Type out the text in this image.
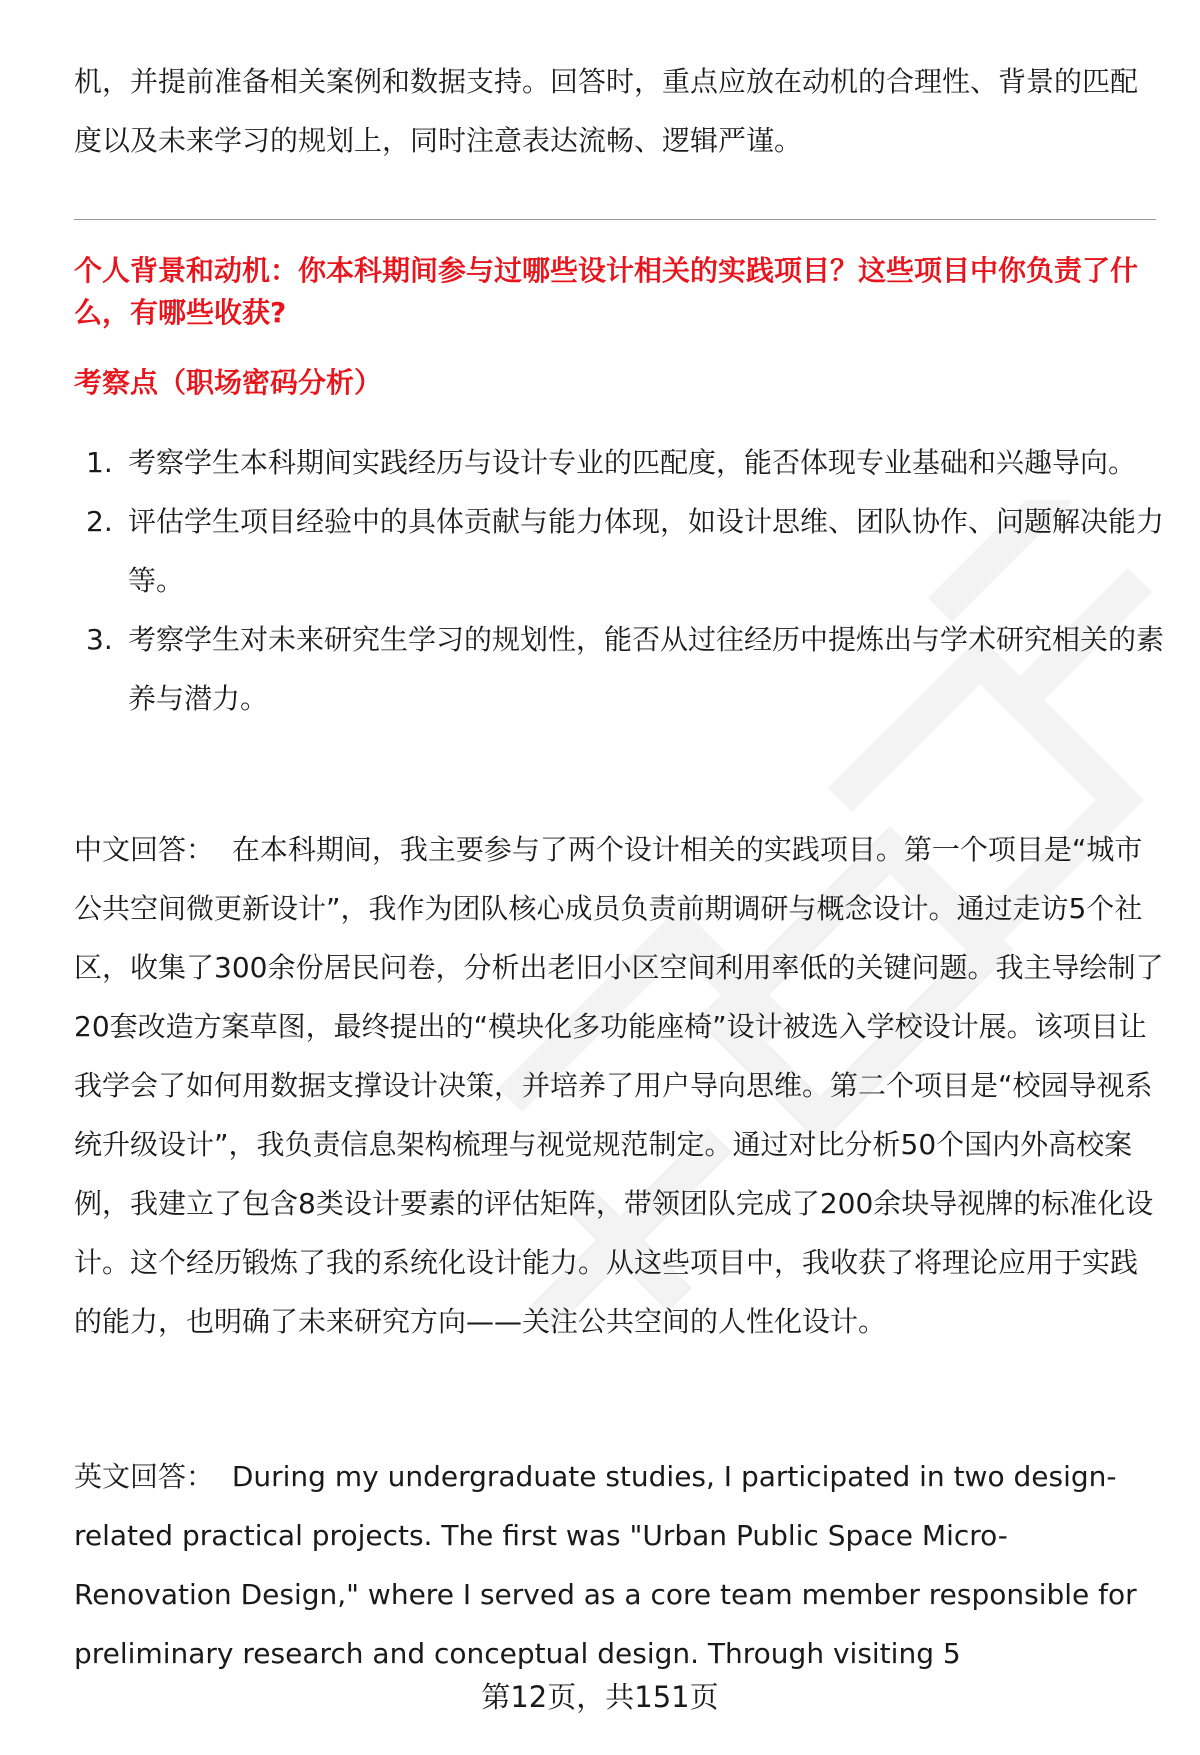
机，并提前准备相关案例和数据支持。回答时，重点应放在动机的合理性、背景的匹配度以及未来学习的规划上，同时注意表达流畅、逻辑严谨。

个人背景和动机：你本科期间参与过哪些设计相关的实践项目？这些项目中你负责了什么，有哪些收获?

考察点（职场密码分析）

1. 考察学生本科期间实践经历与设计专业的匹配度，能否体现专业基础和兴趣导向。
2. 评估学生项目经验中的具体贡献与能力体现，如设计思维、团队协作、问题解决能力等。
3. 考察学生对未来研究生学习的规划性，能否从过往经历中提炼出与学术研究相关的素养与潜力。

中文回答： 在本科期间，我主要参与了两个设计相关的实践项目。第一个项目是“城市公共空间微更新设计”，我作为团队核心成员负责前期调研与概念设计。通过走访5个社区，收集了300余份居民问卷，分析出老旧小区空间利用率低的关键问题。我主导绘制了20套改造方案草图，最终提出的“模块化多功能座椅”设计被选入学校设计展。该项目让我学会了如何用数据支撑设计决策，并培养了用户导向思维。第二个项目是“校园导视系统升级设计”，我负责信息架构梳理与视觉规范制定。通过对比分析50个国内外高校案例，我建立了包含8类设计要素的评估矩阵，带领团队完成了200余块导视牌的标准化设计。这个经历锻炼了我的系统化设计能力。从这些项目中，我收获了将理论应用于实践的能力，也明确了未来研究方向——关注公共空间的人性化设计。

英文回答： During my undergraduate studies, I participated in two design-related practical projects. The first was "Urban Public Space Micro-Renovation Design," where I served as a core team member responsible for preliminary research and conceptual design. Through visiting 5

第12页，共151页
